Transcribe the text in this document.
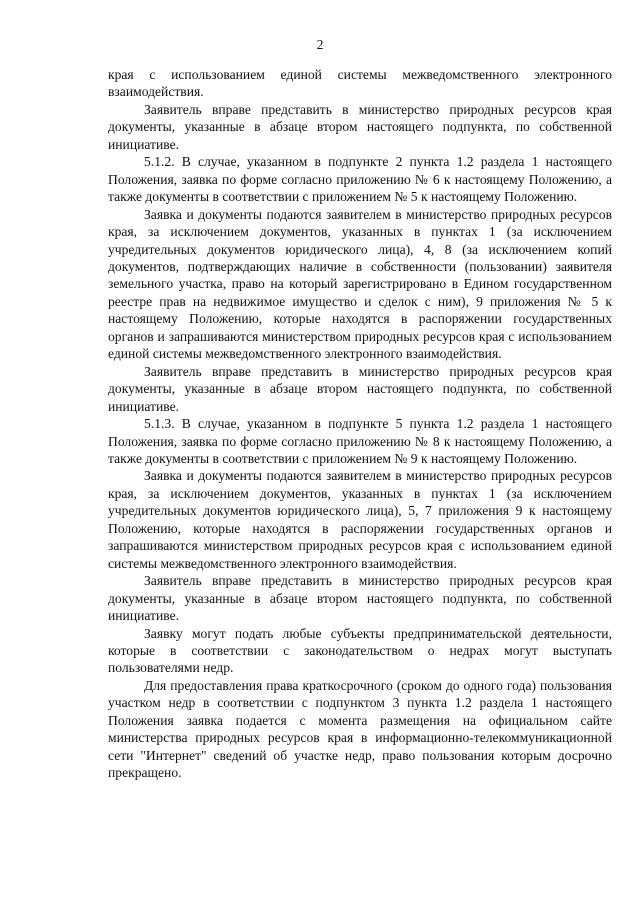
2

края с использованием единой системы межведомственного электронного взаимодействия.

Заявитель вправе представить в министерство природных ресурсов края документы, указанные в абзаце втором настоящего подпункта, по собственной инициативе.

5.1.2. В случае, указанном в подпункте 2 пункта 1.2 раздела 1 настоящего Положения, заявка по форме согласно приложению № 6 к настоящему Положению, а также документы в соответствии с приложением № 5 к настоящему Положению.

Заявка и документы подаются заявителем в министерство природных ресурсов края, за исключением документов, указанных в пунктах 1 (за исключением учредительных документов юридического лица), 4, 8 (за исключением копий документов, подтверждающих наличие в собственности (пользовании) заявителя земельного участка, право на который зарегистрировано в Едином государственном реестре прав на недвижимое имущество и сделок с ним), 9 приложения № 5 к настоящему Положению, которые находятся в распоряжении государственных органов и запрашиваются министерством природных ресурсов края с использованием единой системы межведомственного электронного взаимодействия.

Заявитель вправе представить в министерство природных ресурсов края документы, указанные в абзаце втором настоящего подпункта, по собственной инициативе.

5.1.3. В случае, указанном в подпункте 5 пункта 1.2 раздела 1 настоящего Положения, заявка по форме согласно приложению № 8 к настоящему Положению, а также документы в соответствии с приложением № 9 к настоящему Положению.

Заявка и документы подаются заявителем в министерство природных ресурсов края, за исключением документов, указанных в пунктах 1 (за исключением учредительных документов юридического лица), 5, 7 приложения 9 к настоящему Положению, которые находятся в распоряжении государственных органов и запрашиваются министерством природных ресурсов края с использованием единой системы межведомственного электронного взаимодействия.

Заявитель вправе представить в министерство природных ресурсов края документы, указанные в абзаце втором настоящего подпункта, по собственной инициативе.

Заявку могут подать любые субъекты предпринимательской деятельности, которые в соответствии с законодательством о недрах могут выступать пользователями недр.

Для предоставления права краткосрочного (сроком до одного года) пользования участком недр в соответствии с подпунктом 3 пункта 1.2 раздела 1 настоящего Положения заявка подается с момента размещения на официальном сайте министерства природных ресурсов края в информационно-телекоммуникационной сети "Интернет" сведений об участке недр, право пользования которым досрочно прекращено.
